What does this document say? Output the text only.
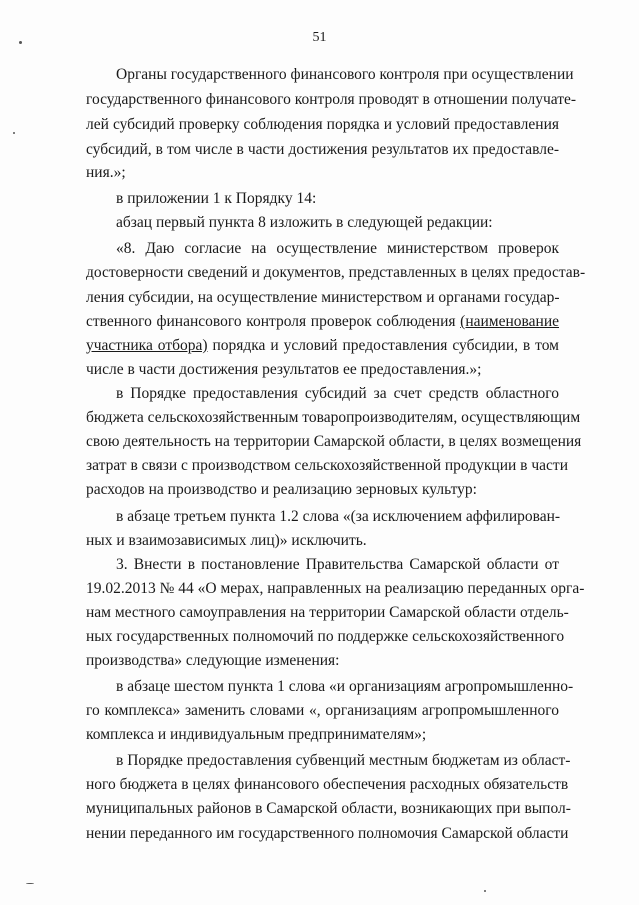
51
Органы государственного финансового контроля при осуществлении
государственного финансового контроля проводят в отношении получате-
лей субсидий проверку соблюдения порядка и условий предоставления
субсидий, в том числе в части достижения результатов их предоставле-
ния.»;
в приложении 1 к Порядку 14:
абзац первый пункта 8 изложить в следующей редакции:
«8. Даю согласие на осуществление министерством проверок
достоверности сведений и документов, представленных в целях предостав-
ления субсидии, на осуществление министерством и органами государ-
ственного финансового контроля проверок соблюдения (наименование
участника отбора) порядка и условий предоставления субсидии, в том
числе в части достижения результатов ее предоставления.»;
в Порядке предоставления субсидий за счет средств областного
бюджета сельскохозяйственным товаропроизводителям, осуществляющим
свою деятельность на территории Самарской области, в целях возмещения
затрат в связи с производством сельскохозяйственной продукции в части
расходов на производство и реализацию зерновых культур:
в абзаце третьем пункта 1.2 слова «(за исключением аффилирован-
ных и взаимозависимых лиц)» исключить.
3. Внести в постановление Правительства Самарской области от
19.02.2013 № 44 «О мерах, направленных на реализацию переданных орга-
нам местного самоуправления на территории Самарской области отдель-
ных государственных полномочий по поддержке сельскохозяйственного
производства» следующие изменения:
в абзаце шестом пункта 1 слова «и организациям агропромышленно-
го комплекса» заменить словами «, организациям агропромышленного
комплекса и индивидуальным предпринимателям»;
в Порядке предоставления субвенций местным бюджетам из област-
ного бюджета в целях финансового обеспечения расходных обязательств
муниципальных районов в Самарской области, возникающих при выпол-
нении переданного им государственного полномочия Самарской области
